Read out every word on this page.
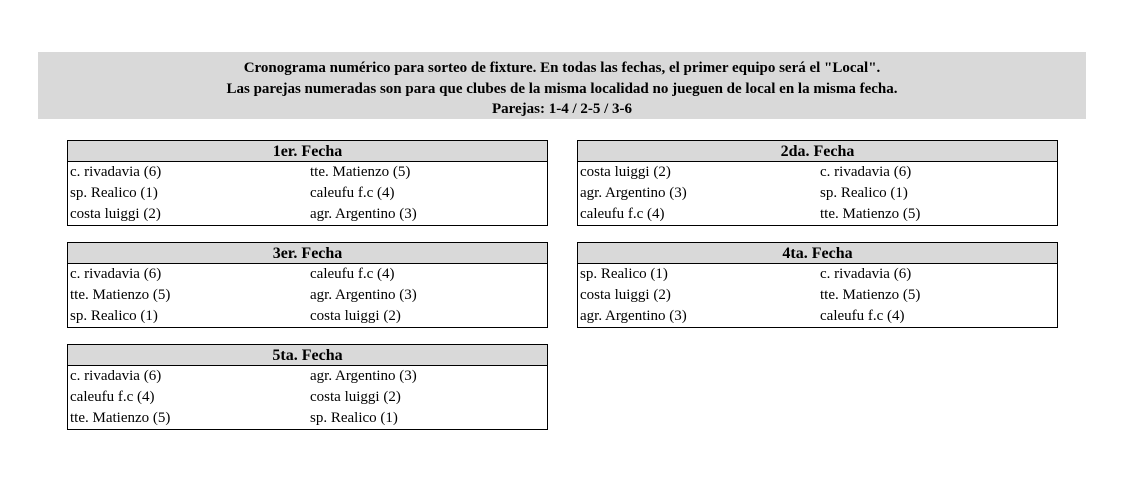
Cronograma numérico para sorteo de fixture. En todas las fechas, el primer equipo será el "Local".
Las parejas numeradas son para que clubes de la misma localidad no jueguen de local en la misma fecha.
Parejas: 1-4 / 2-5 / 3-6
1er. Fecha
c. rivadavia (6)	tte. Matienzo (5)
sp. Realico (1)	caleufu f.c (4)
costa luiggi (2)	agr. Argentino (3)
2da. Fecha
costa luiggi (2)	c. rivadavia (6)
agr. Argentino (3)	sp. Realico (1)
caleufu f.c (4)	tte. Matienzo (5)
3er. Fecha
c. rivadavia (6)	caleufu f.c (4)
tte. Matienzo (5)	agr. Argentino (3)
sp. Realico (1)	costa luiggi (2)
4ta. Fecha
sp. Realico (1)	c. rivadavia (6)
costa luiggi (2)	tte. Matienzo (5)
agr. Argentino (3)	caleufu f.c (4)
5ta. Fecha
c. rivadavia (6)	agr. Argentino (3)
caleufu f.c (4)	costa luiggi (2)
tte. Matienzo (5)	sp. Realico (1)
